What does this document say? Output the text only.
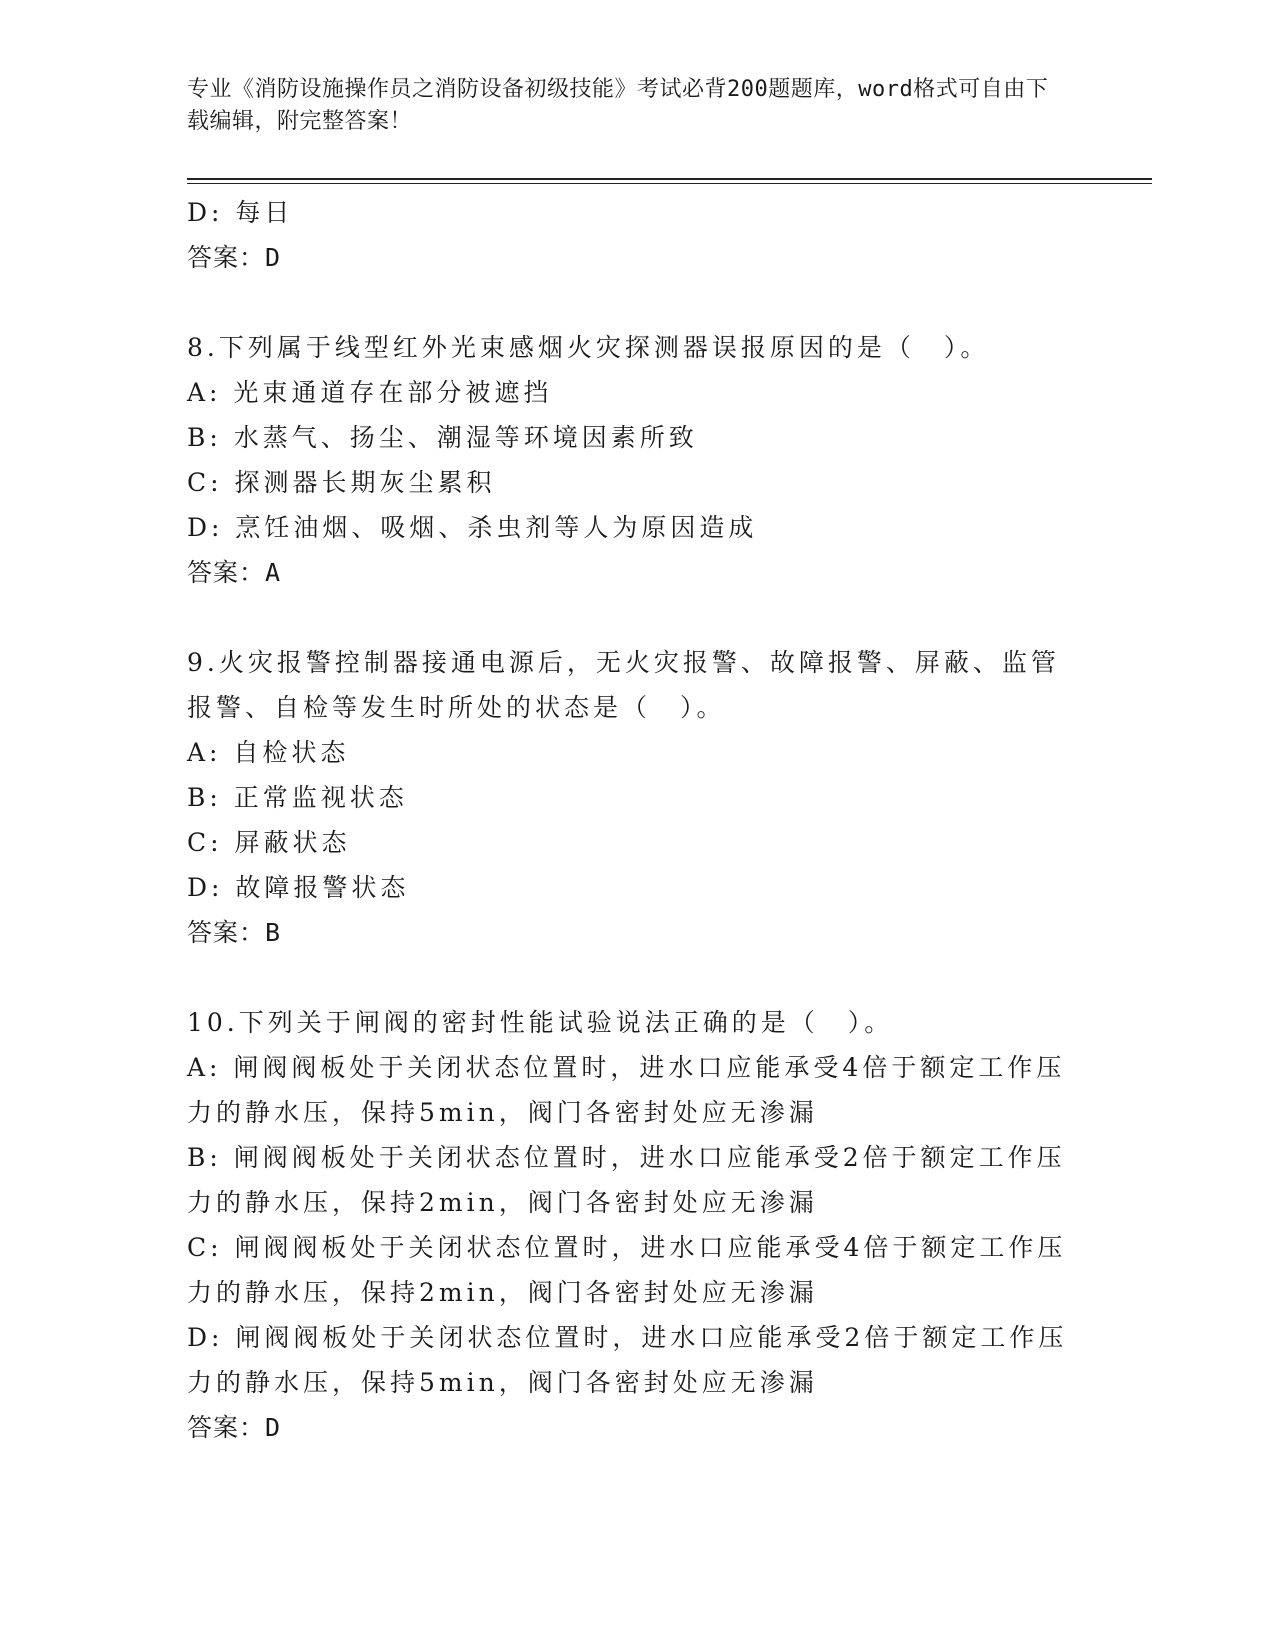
专业《消防设施操作员之消防设备初级技能》考试必背200题题库，word格式可自由下载编辑，附完整答案！
D: 每日
答案：D
8.下列属于线型红外光束感烟火灾探测器误报原因的是（　）。
A: 光束通道存在部分被遮挡
B: 水蒸气、扬尘、潮湿等环境因素所致
C: 探测器长期灰尘累积
D: 烹饪油烟、吸烟、杀虫剂等人为原因造成
答案：A
9.火灾报警控制器接通电源后，无火灾报警、故障报警、屏蔽、监管
报警、自检等发生时所处的状态是（　）。
A: 自检状态
B: 正常监视状态
C: 屏蔽状态
D: 故障报警状态
答案：B
10.下列关于闸阀的密封性能试验说法正确的是（　）。
A: 闸阀阀板处于关闭状态位置时，进水口应能承受4倍于额定工作压
力的静水压，保持5min，阀门各密封处应无渗漏
B: 闸阀阀板处于关闭状态位置时，进水口应能承受2倍于额定工作压
力的静水压，保持2min，阀门各密封处应无渗漏
C: 闸阀阀板处于关闭状态位置时，进水口应能承受4倍于额定工作压
力的静水压，保持2min，阀门各密封处应无渗漏
D: 闸阀阀板处于关闭状态位置时，进水口应能承受2倍于额定工作压
力的静水压，保持5min，阀门各密封处应无渗漏
答案：D
